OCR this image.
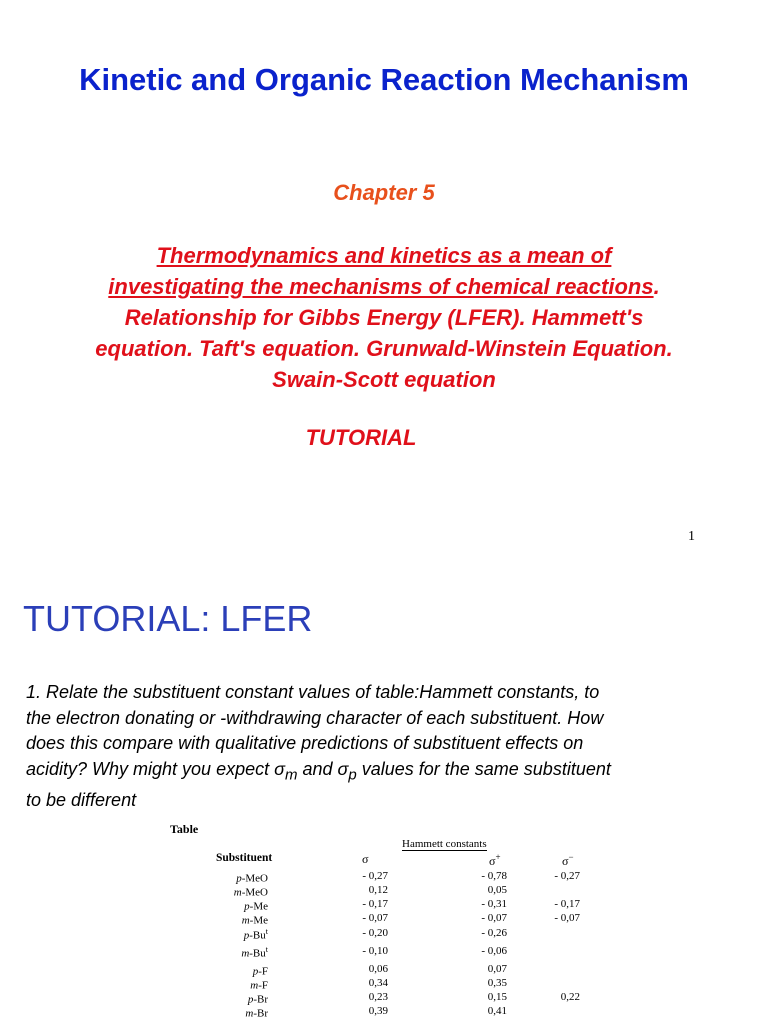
Kinetic and Organic Reaction Mechanism
Chapter 5
Thermodynamics and kinetics as a mean of
investigating the mechanisms of chemical reactions.
Relationship for Gibbs Energy (LFER). Hammett's
equation. Taft's equation. Grunwald-Winstein Equation.
Swain-Scott equation
TUTORIAL
1
TUTORIAL: LFER
1. Relate the substituent constant values of table:Hammett constants, to
the electron donating or -withdrawing character of each substituent. How
does this compare with qualitative predictions of substituent effects on
acidity? Why might you expect $\sigma_m$ and $\sigma_p$ values for the same substituent
to be different
Table
Hammett constants
Substituent	σ	σ+	σ−
p-MeO	- 0,27	- 0,78	- 0,27
m-MeO	0,12	0,05
p-Me	- 0,17	- 0,31	- 0,17
m-Me	- 0,07	- 0,07	- 0,07
p-Bu$^t$	- 0,20	- 0,26
m-Bu$^t$	- 0,10	- 0,06
p-F	0,06	0,07
m-F	0,34	0,35
p-Br	0,23	0,15	0,22
m-Br	0,39	0,41
